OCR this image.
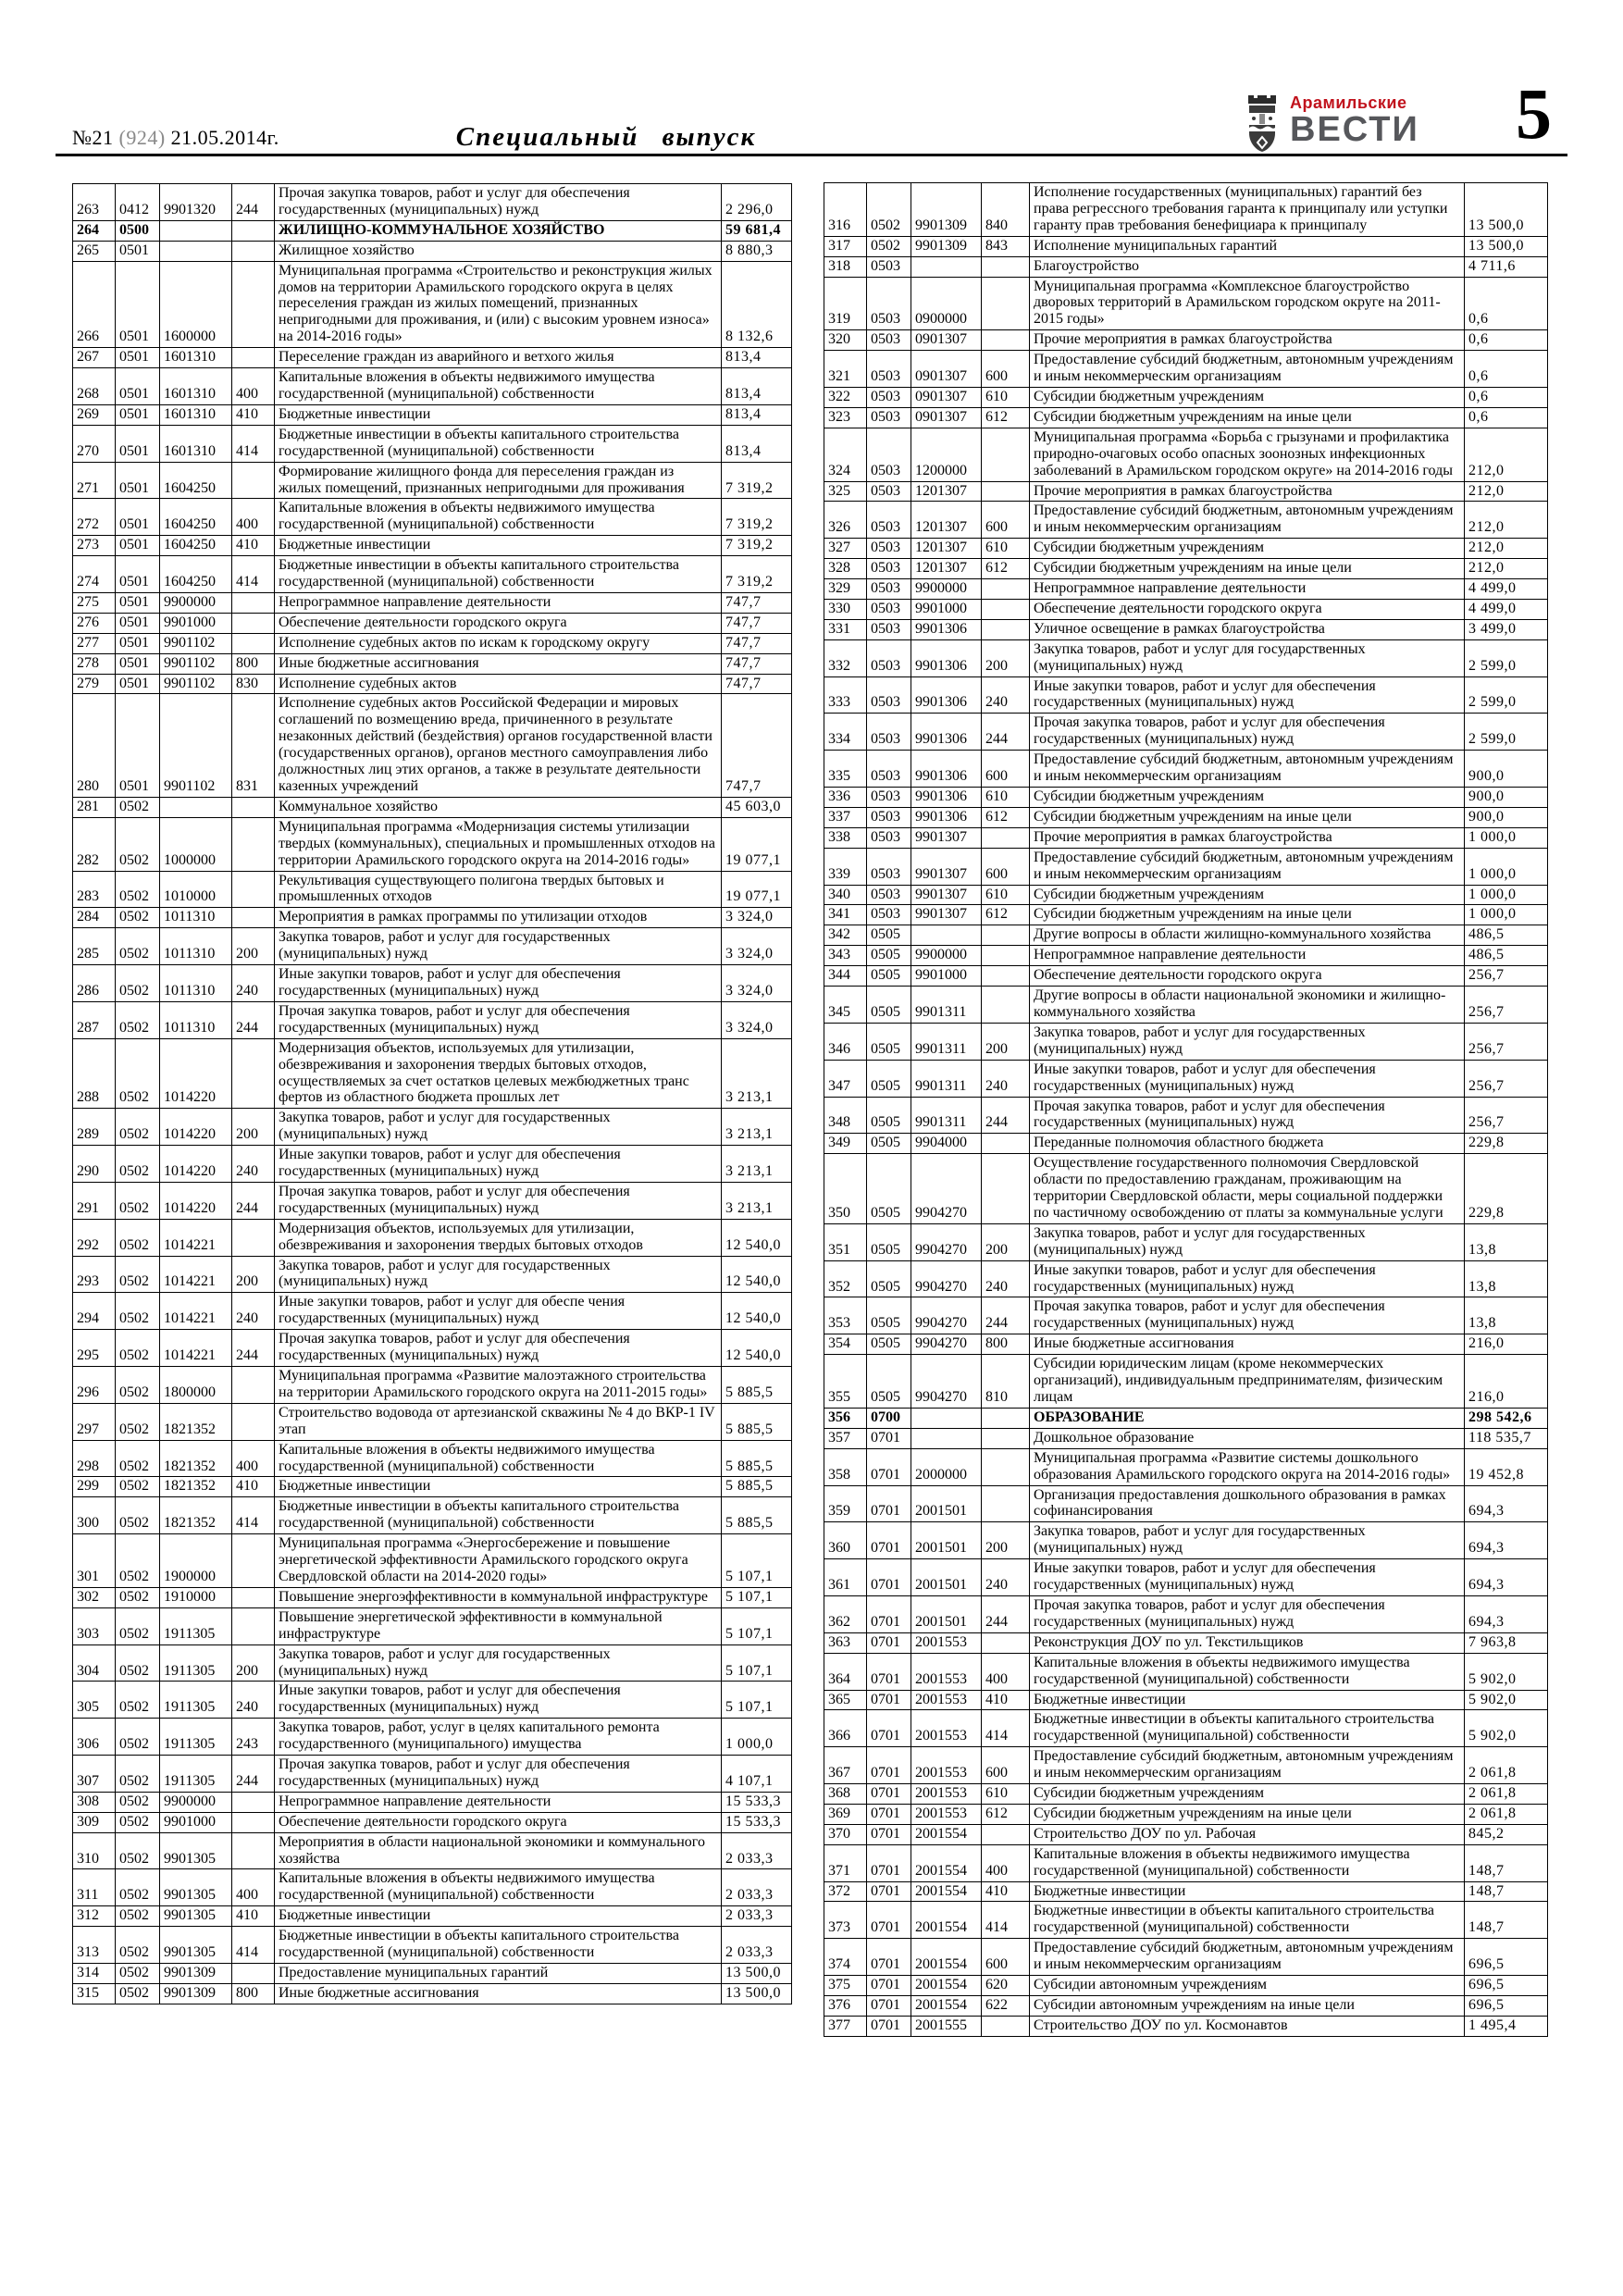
№21 (924) 21.05.2014г.	Специальный выпуск
Арамильские
ВЕСТИ 5
263	0412	9901320	244	Прочая закупка товаров, работ и услуг для обеспечения государственных (муниципальных) нужд	2 296,0
264	0500			ЖИЛИЩНО-КОММУНАЛЬНОЕ ХОЗЯЙСТВО	59 681,4
265	0501			Жилищное хозяйство	8 880,3
266	0501	1600000		Муниципальная программа «Строительство и реконструкция жилых домов на территории Арамильского городского округа в целях переселения граждан из жилых помещений, признанных непригодными для проживания, и (или) с высоким уровнем износа» на 2014-2016 годы»	8 132,6
267	0501	1601310		Переселение граждан из аварийного и ветхого жилья	813,4
268	0501	1601310	400	Капитальные вложения в объекты недвижимого имущества государственной (муниципальной) собственности	813,4
269	0501	1601310	410	Бюджетные инвестиции	813,4
270	0501	1601310	414	Бюджетные инвестиции в объекты капитального строительства государственной (муниципальной) собственности	813,4
271	0501	1604250		Формирование жилищного фонда для переселения граждан из жилых помещений, признанных непригодными для проживания	7 319,2
272	0501	1604250	400	Капитальные вложения в объекты недвижимого имущества государственной (муниципальной) собственности	7 319,2
273	0501	1604250	410	Бюджетные инвестиции	7 319,2
274	0501	1604250	414	Бюджетные инвестиции в объекты капитального строительства государственной (муниципальной) собственности	7 319,2
275	0501	9900000		Непрограммное направление деятельности	747,7
276	0501	9901000		Обеспечение деятельности городского округа	747,7
277	0501	9901102		Исполнение судебных актов по искам к городскому округу	747,7
278	0501	9901102	800	Иные бюджетные ассигнования	747,7
279	0501	9901102	830	Исполнение судебных актов	747,7
280	0501	9901102	831	Исполнение судебных актов Российской Федерации и мировых соглашений по возмещению вреда, причиненного в результате незаконных действий (бездействия) органов государственной власти (государственных органов), органов местного самоуправления либо должностных лиц этих органов, а также в результате деятельности казенных учреждений	747,7
281	0502			Коммунальное хозяйство	45 603,0
282	0502	1000000		Муниципальная программа «Модернизация системы утилизации твердых (коммунальных), специальных и промышленных отходов на территории Арамильского городского округа на 2014-2016 годы»	19 077,1
283	0502	1010000		Рекультивация существующего полигона твердых бытовых и промышленных отходов	19 077,1
284	0502	1011310		Мероприятия в рамках программы по утилизации отходов	3 324,0
285	0502	1011310	200	Закупка товаров, работ и услуг для государственных (муниципальных) нужд	3 324,0
286	0502	1011310	240	Иные закупки товаров, работ и услуг для обеспечения государственных (муниципальных) нужд	3 324,0
287	0502	1011310	244	Прочая закупка товаров, работ и услуг для обеспечения государственных (муниципальных) нужд	3 324,0
288	0502	1014220		Модернизация объектов, используемых для утилизации, обезвреживания и захоронения твердых бытовых отходов, осуществляемых за счет остатков целевых межбюджетных транс фертов из областного бюджета прошлых лет	3 213,1
289	0502	1014220	200	Закупка товаров, работ и услуг для государственных (муниципальных) нужд	3 213,1
290	0502	1014220	240	Иные закупки товаров, работ и услуг для обеспечения государственных (муниципальных) нужд	3 213,1
291	0502	1014220	244	Прочая закупка товаров, работ и услуг для обеспечения государственных (муниципальных) нужд	3 213,1
292	0502	1014221		Модернизация объектов, используемых для утилизации, обезвреживания и захоронения твердых бытовых отходов	12 540,0
293	0502	1014221	200	Закупка товаров, работ и услуг для государственных (муниципальных) нужд	12 540,0
294	0502	1014221	240	Иные закупки товаров, работ и услуг для обеспе чения государственных (муниципальных) нужд	12 540,0
295	0502	1014221	244	Прочая закупка товаров, работ и услуг для обеспечения государственных (муниципальных) нужд	12 540,0
296	0502	1800000		Муниципальная программа «Развитие малоэтажного строительства на территории Арамильского городского округа на 2011-2015 годы»	5 885,5
297	0502	1821352		Строительство водовода от артезианской скважины № 4 до ВКР-1 IV этап	5 885,5
298	0502	1821352	400	Капитальные вложения в объекты недвижимого имущества государственной (муниципальной) собственности	5 885,5
299	0502	1821352	410	Бюджетные инвестиции	5 885,5
300	0502	1821352	414	Бюджетные инвестиции в объекты капитального строительства государственной (муниципальной) собственности	5 885,5
301	0502	1900000		Муниципальная программа «Энергосбережение и повышение энергетической эффективности Арамильского городского округа Свердловской области на 2014-2020 годы»	5 107,1
302	0502	1910000		Повышение энергоэффективности в коммунальной инфраструктуре	5 107,1
303	0502	1911305		Повышение энергетической эффективности в коммунальной инфраструктуре	5 107,1
304	0502	1911305	200	Закупка товаров, работ и услуг для государственных (муниципальных) нужд	5 107,1
305	0502	1911305	240	Иные закупки товаров, работ и услуг для обеспечения государственных (муниципальных) нужд	5 107,1
306	0502	1911305	243	Закупка товаров, работ, услуг в целях капитального ремонта государственного (муниципального) имущества	1 000,0
307	0502	1911305	244	Прочая закупка товаров, работ и услуг для обеспечения государственных (муниципальных) нужд	4 107,1
308	0502	9900000		Непрограммное направление деятельности	15 533,3
309	0502	9901000		Обеспечение деятельности городского округа	15 533,3
310	0502	9901305		Мероприятия в области национальной экономики и коммунального хозяйства	2 033,3
311	0502	9901305	400	Капитальные вложения в объекты недвижимого имущества государственной (муниципальной) собственности	2 033,3
312	0502	9901305	410	Бюджетные инвестиции	2 033,3
313	0502	9901305	414	Бюджетные инвестиции в объекты капитального строительства государственной (муниципальной) собственности	2 033,3
314	0502	9901309		Предоставление муниципальных гарантий	13 500,0
315	0502	9901309	800	Иные бюджетные ассигнования	13 500,0
316	0502	9901309	840	Исполнение государственных (муниципальных) гарантий без права регрессного требования гаранта к принципалу или уступки гаранту прав требования бенефициара к принципалу	13 500,0
317	0502	9901309	843	Исполнение муниципальных гарантий	13 500,0
318	0503			Благоустройство	4 711,6
319	0503	0900000		Муниципальная программа «Комплексное благоустройство дворовых территорий в Арамильском городском округе на 2011-2015 годы»	0,6
320	0503	0901307		Прочие мероприятия в рамках благоустройства	0,6
321	0503	0901307	600	Предоставление субсидий бюджетным, автономным учреждениям и иным некоммерческим организациям	0,6
322	0503	0901307	610	Субсидии бюджетным учреждениям	0,6
323	0503	0901307	612	Субсидии бюджетным учреждениям на иные цели	0,6
324	0503	1200000		Муниципальная программа «Борьба с грызунами и профилактика природно-очаговых особо опасных зоонозных инфекционных заболеваний в Арамильском городском округе» на 2014-2016 годы	212,0
325	0503	1201307		Прочие мероприятия в рамках благоустройства	212,0
326	0503	1201307	600	Предоставление субсидий бюджетным, автономным учреждениям и иным некоммерческим организациям	212,0
327	0503	1201307	610	Субсидии бюджетным учреждениям	212,0
328	0503	1201307	612	Субсидии бюджетным учреждениям на иные цели	212,0
329	0503	9900000		Непрограммное направление деятельности	4 499,0
330	0503	9901000		Обеспечение деятельности городского округа	4 499,0
331	0503	9901306		Уличное освещение в рамках благоустройства	3 499,0
332	0503	9901306	200	Закупка товаров, работ и услуг для государственных (муниципальных) нужд	2 599,0
333	0503	9901306	240	Иные закупки товаров, работ и услуг для обеспечения государственных (муниципальных) нужд	2 599,0
334	0503	9901306	244	Прочая закупка товаров, работ и услуг для обеспечения государственных (муниципальных) нужд	2 599,0
335	0503	9901306	600	Предоставление субсидий бюджетным, автономным учреждениям и иным некоммерческим организациям	900,0
336	0503	9901306	610	Субсидии бюджетным учреждениям	900,0
337	0503	9901306	612	Субсидии бюджетным учреждениям на иные цели	900,0
338	0503	9901307		Прочие мероприятия в рамках благоустройства	1 000,0
339	0503	9901307	600	Предоставление субсидий бюджетным, автономным учреждениям и иным некоммерческим организациям	1 000,0
340	0503	9901307	610	Субсидии бюджетным учреждениям	1 000,0
341	0503	9901307	612	Субсидии бюджетным учреждениям на иные цели	1 000,0
342	0505			Другие вопросы в области жилищно-коммунального хозяйства	486,5
343	0505	9900000		Непрограммное направление деятельности	486,5
344	0505	9901000		Обеспечение деятельности городского округа	256,7
345	0505	9901311		Другие вопросы в области национальной экономики и жилищно-коммунального хозяйства	256,7
346	0505	9901311	200	Закупка товаров, работ и услуг для государственных (муниципальных) нужд	256,7
347	0505	9901311	240	Иные закупки товаров, работ и услуг для обеспечения государственных (муниципальных) нужд	256,7
348	0505	9901311	244	Прочая закупка товаров, работ и услуг для обеспечения государственных (муниципальных) нужд	256,7
349	0505	9904000		Переданные полномочия областного бюджета	229,8
350	0505	9904270		Осуществление государственного полномочия Свердловской области по предоставлению гражданам, проживающим на территории Свердловской области, меры социальной поддержки по частичному освобождению от платы за коммунальные услуги	229,8
351	0505	9904270	200	Закупка товаров, работ и услуг для государственных (муниципальных) нужд	13,8
352	0505	9904270	240	Иные закупки товаров, работ и услуг для обеспечения государственных (муниципальных) нужд	13,8
353	0505	9904270	244	Прочая закупка товаров, работ и услуг для обеспечения государственных (муниципальных) нужд	13,8
354	0505	9904270	800	Иные бюджетные ассигнования	216,0
355	0505	9904270	810	Субсидии юридическим лицам (кроме некоммерческих организаций), индивидуальным предпринимателям, физическим лицам	216,0
356	0700			ОБРАЗОВАНИЕ	298 542,6
357	0701			Дошкольное образование	118 535,7
358	0701	2000000		Муниципальная программа «Развитие системы дошкольного образования Арамильского городского округа на 2014-2016 годы»	19 452,8
359	0701	2001501		Организация предоставления дошкольного образования в рамках софинансирования	694,3
360	0701	2001501	200	Закупка товаров, работ и услуг для государственных (муниципальных) нужд	694,3
361	0701	2001501	240	Иные закупки товаров, работ и услуг для обеспечения государственных (муниципальных) нужд	694,3
362	0701	2001501	244	Прочая закупка товаров, работ и услуг для обеспечения государственных (муниципальных) нужд	694,3
363	0701	2001553		Реконструкция ДОУ по ул. Текстильщиков	7 963,8
364	0701	2001553	400	Капитальные вложения в объекты недвижимого имущества государственной (муниципальной) собственности	5 902,0
365	0701	2001553	410	Бюджетные инвестиции	5 902,0
366	0701	2001553	414	Бюджетные инвестиции в объекты капитального строительства государственной (муниципальной) собственности	5 902,0
367	0701	2001553	600	Предоставление субсидий бюджетным, автономным учреждениям и иным некоммерческим организациям	2 061,8
368	0701	2001553	610	Субсидии бюджетным учреждениям	2 061,8
369	0701	2001553	612	Субсидии бюджетным учреждениям на иные цели	2 061,8
370	0701	2001554		Строительство ДОУ по ул. Рабочая	845,2
371	0701	2001554	400	Капитальные вложения в объекты недвижимого имущества государственной (муниципальной) собственности	148,7
372	0701	2001554	410	Бюджетные инвестиции	148,7
373	0701	2001554	414	Бюджетные инвестиции в объекты капитального строительства государственной (муниципальной) собственности	148,7
374	0701	2001554	600	Предоставление субсидий бюджетным, автономным учреждениям и иным некоммерческим организациям	696,5
375	0701	2001554	620	Субсидии автономным учреждениям	696,5
376	0701	2001554	622	Субсидии автономным учреждениям на иные цели	696,5
377	0701	2001555		Строительство ДОУ по ул. Космонавтов	1 495,4
